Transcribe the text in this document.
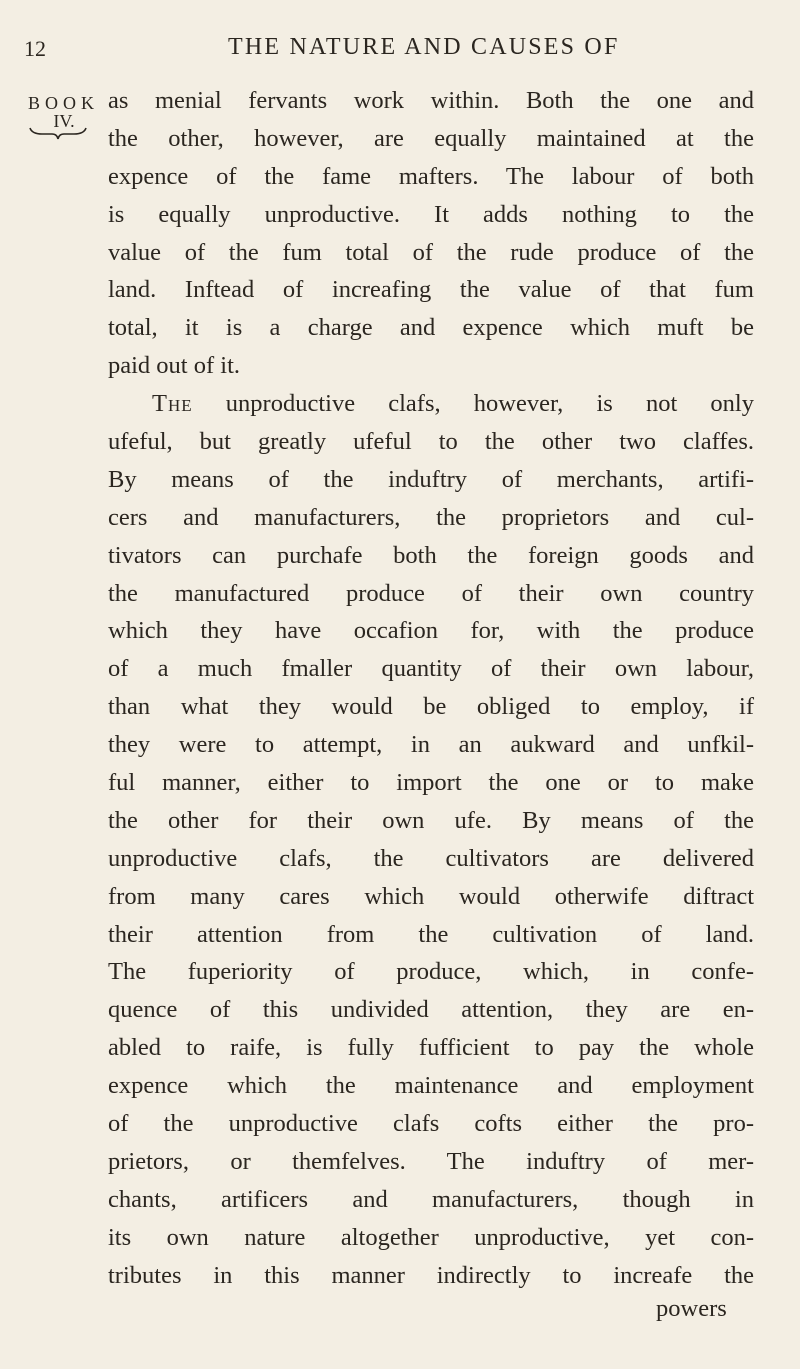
12	THE NATURE AND CAUSES OF
BOOK
IV.
as menial fervants work within. Both the one and
the other, however, are equally maintained at the
expence of the fame mafters. The labour of both
is equally unproductive. It adds nothing to the
value of the fum total of the rude produce of the
land. Inftead of increafing the value of that fum
total, it is a charge and expence which muft be
paid out of it.
The unproductive clafs, however, is not only
ufeful, but greatly ufeful to the other two claffes.
By means of the induftry of merchants, artifi-
cers and manufacturers, the proprietors and cul-
tivators can purchafe both the foreign goods and
the manufactured produce of their own country
which they have occafion for, with the produce
of a much fmaller quantity of their own labour,
than what they would be obliged to employ, if
they were to attempt, in an aukward and unfkil-
ful manner, either to import the one or to make
the other for their own ufe. By means of the
unproductive clafs, the cultivators are delivered
from many cares which would otherwife diftract
their attention from the cultivation of land.
The fuperiority of produce, which, in confe-
quence of this undivided attention, they are en-
abled to raife, is fully fufficient to pay the whole
expence which the maintenance and employment
of the unproductive clafs cofts either the pro-
prietors, or themfelves. The induftry of mer-
chants, artificers and manufacturers, though in
its own nature altogether unproductive, yet con-
tributes in this manner indirectly to increafe the
powers
